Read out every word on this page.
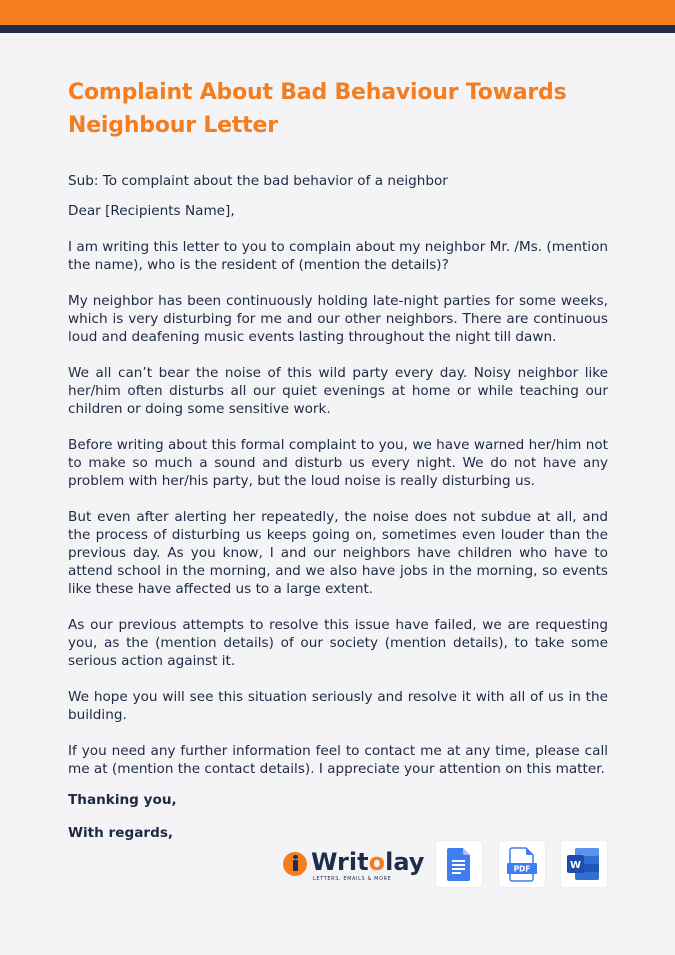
Complaint About Bad Behaviour Towards Neighbour Letter
Sub: To complaint about the bad behavior of a neighbor
Dear [Recipients Name],
I am writing this letter to you to complain about my neighbor Mr. /Ms. (mention the name), who is the resident of (mention the details)?
My neighbor has been continuously holding late-night parties for some weeks, which is very disturbing for me and our other neighbors. There are continuous loud and deafening music events lasting throughout the night till dawn.
We all can’t bear the noise of this wild party every day. Noisy neighbor like her/him often disturbs all our quiet evenings at home or while teaching our children or doing some sensitive work.
Before writing about this formal complaint to you, we have warned her/him not to make so much a sound and disturb us every night. We do not have any problem with her/his party, but the loud noise is really disturbing us.
But even after alerting her repeatedly, the noise does not subdue at all, and the process of disturbing us keeps going on, sometimes even louder than the previous day. As you know, I and our neighbors have children who have to attend school in the morning, and we also have jobs in the morning, so events like these have affected us to a large extent.
As our previous attempts to resolve this issue have failed, we are requesting you, as the (mention details) of our society (mention details), to take some serious action against it.
We hope you will see this situation seriously and resolve it with all of us in the building.
If you need any further information feel to contact me at any time, please call me at (mention the contact details). I appreciate your attention on this matter.
Thanking you,
With regards,
Writolay
LETTERS, EMAILS & MORE
PDF	W
